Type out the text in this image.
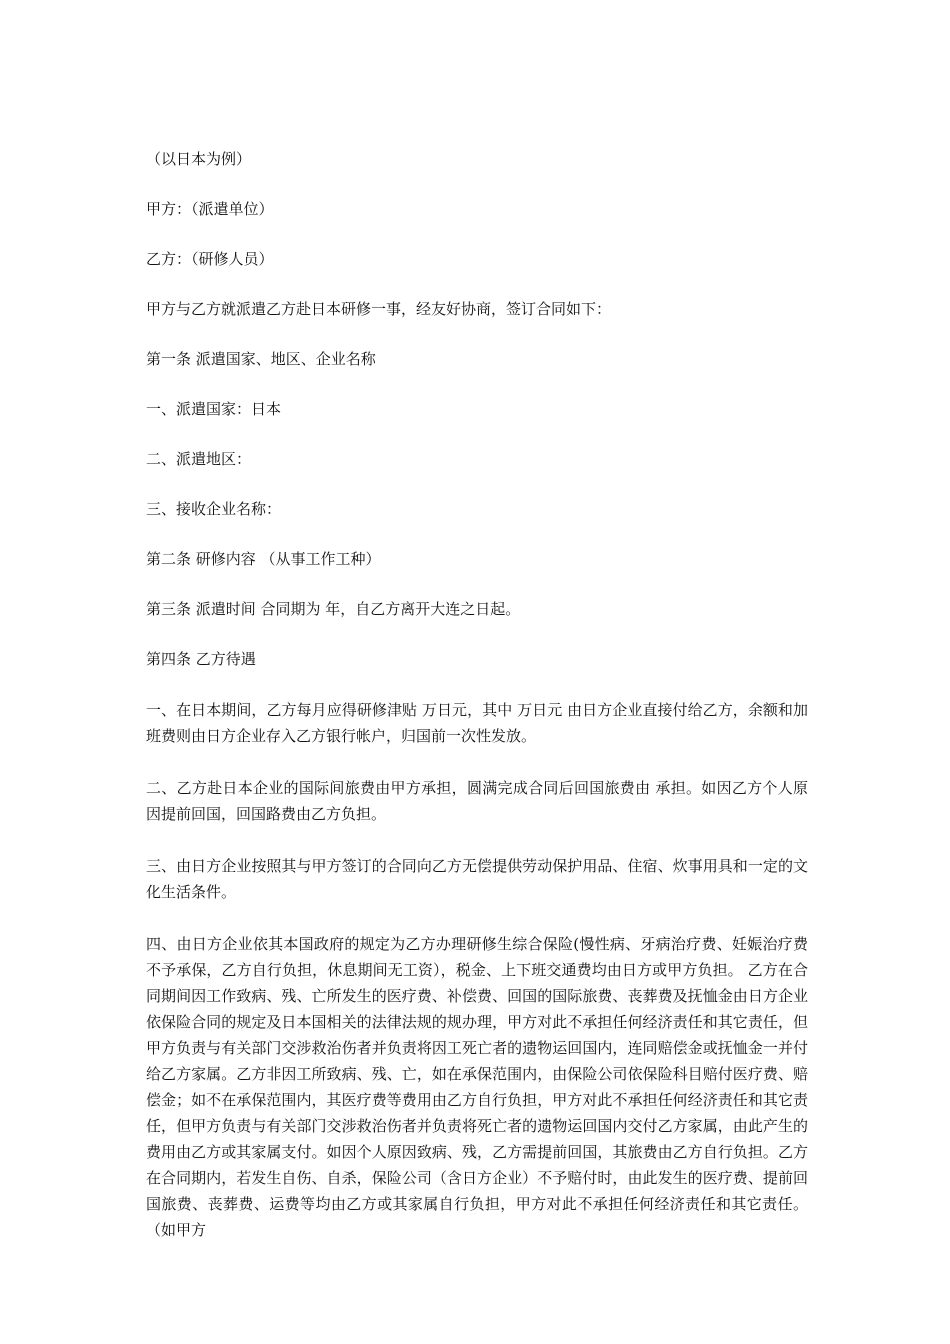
（以日本为例）

甲方：（派遣单位）

乙方：（研修人员）

甲方与乙方就派遣乙方赴日本研修一事，经友好协商，签订合同如下：

第一条 派遣国家、地区、企业名称

一、派遣国家：日本

二、派遣地区：

三、接收企业名称：

第二条 研修内容 （从事工作工种）

第三条 派遣时间 合同期为 年，自乙方离开大连之日起。

第四条 乙方待遇

一、在日本期间，乙方每月应得研修津贴 万日元，其中 万日元 由日方企业直接付给乙方，余额和加班费则由日方企业存入乙方银行帐户，归国前一次性发放。

二、乙方赴日本企业的国际间旅费由甲方承担，圆满完成合同后回国旅费由 承担。如因乙方个人原因提前回国，回国路费由乙方负担。

三、由日方企业按照其与甲方签订的合同向乙方无偿提供劳动保护用品、住宿、炊事用具和一定的文化生活条件。

四、由日方企业依其本国政府的规定为乙方办理研修生综合保险(慢性病、牙病治疗费、妊娠治疗费不予承保，乙方自行负担，休息期间无工资），税金、上下班交通费均由日方或甲方负担。 乙方在合同期间因工作致病、残、亡所发生的医疗费、补偿费、回国的国际旅费、丧葬费及抚恤金由日方企业依保险合同的规定及日本国相关的法律法规的规办理，甲方对此不承担任何经济责任和其它责任，但甲方负责与有关部门交涉救治伤者并负责将因工死亡者的遗物运回国内，连同赔偿金或抚恤金一并付给乙方家属。乙方非因工所致病、残、亡，如在承保范围内，由保险公司依保险科目赔付医疗费、赔偿金；如不在承保范围内，其医疗费等费用由乙方自行负担，甲方对此不承担任何经济责任和其它责任，但甲方负责与有关部门交涉救治伤者并负责将死亡者的遗物运回国内交付乙方家属，由此产生的费用由乙方或其家属支付。如因个人原因致病、残，乙方需提前回国，其旅费由乙方自行负担。乙方在合同期内，若发生自伤、自杀，保险公司（含日方企业）不予赔付时，由此发生的医疗费、提前回国旅费、丧葬费、运费等均由乙方或其家属自行负担，甲方对此不承担任何经济责任和其它责任。（如甲方
